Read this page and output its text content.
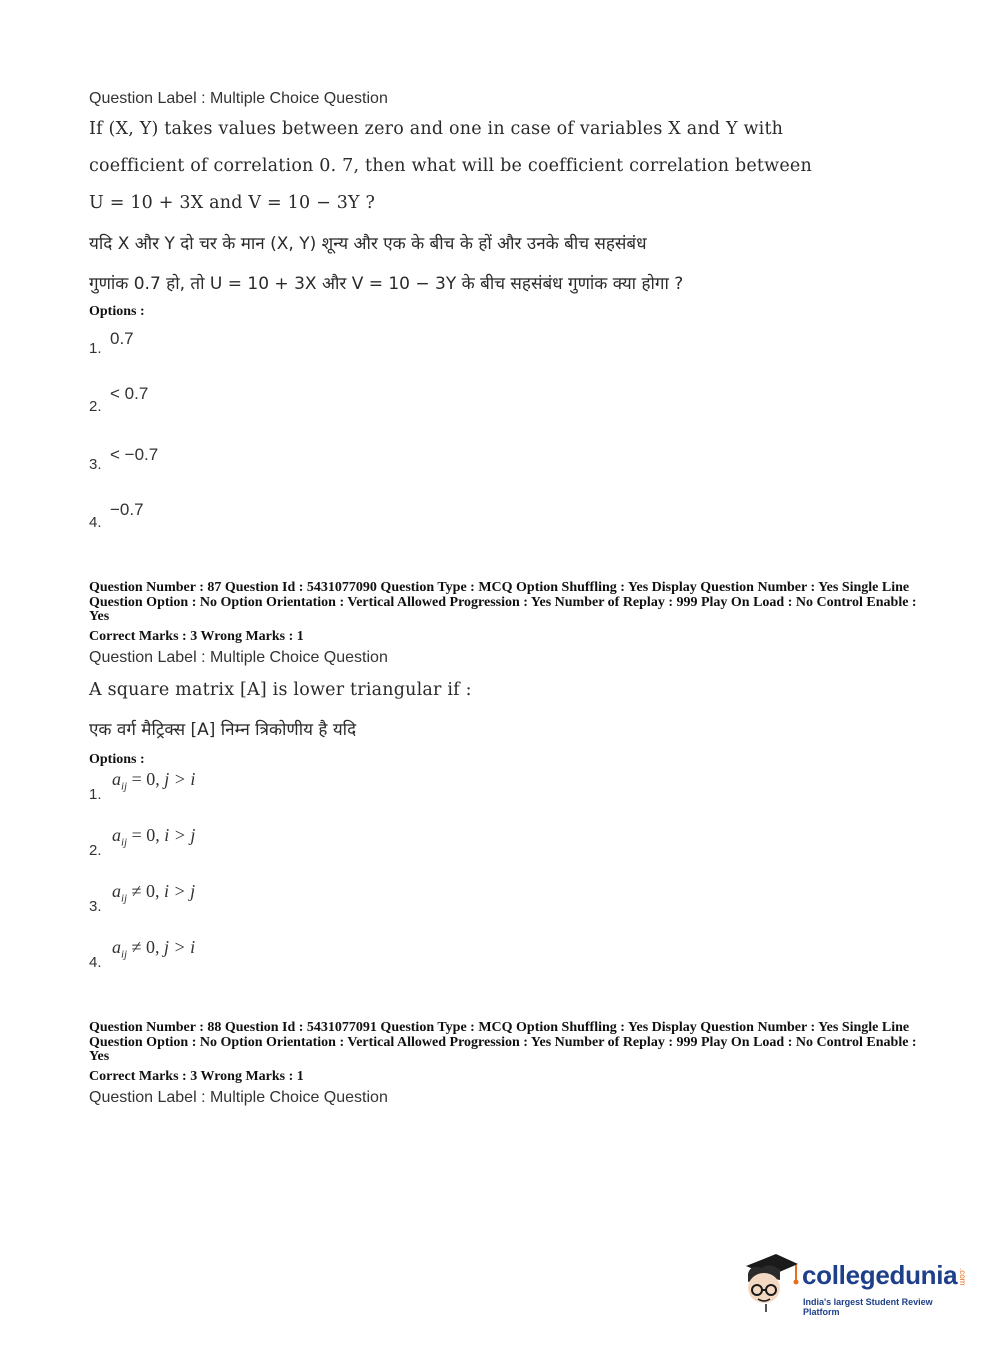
Question Label : Multiple Choice Question
If (X, Y) takes values between zero and one in case of variables X and Y with
coefficient of correlation 0. 7, then what will be coefficient correlation between
U = 10 + 3X and V = 10 − 3Y ?
यदि X और Y दो चर के मान (X, Y) शून्य और एक के बीच के हों और उनके बीच सहसंबंध
गुणांक 0.7 हो, तो U = 10 + 3X और V = 10 − 3Y के बीच सहसंबंध गुणांक क्या होगा ?
Options :
1.
0.7
2.
< 0.7
3.
< −0.7
4.
−0.7
Question Number : 87 Question Id : 5431077090 Question Type : MCQ Option Shuffling : Yes Display Question Number : Yes Single Line Question Option : No Option Orientation : Vertical Allowed Progression : Yes Number of Replay : 999 Play On Load : No Control Enable : Yes
Correct Marks : 3 Wrong Marks : 1
Question Label : Multiple Choice Question
A square matrix [A] is lower triangular if :
एक वर्ग मैट्रिक्स [A] निम्न त्रिकोणीय है यदि
Options :
1.
$a_{ij} = 0$, j > i
2.
$a_{ij} = 0$, i > j
3.
$a_{ij} \ne 0$, i > j
4.
$a_{ij} \ne 0$, j > i
Question Number : 88 Question Id : 5431077091 Question Type : MCQ Option Shuffling : Yes Display Question Number : Yes Single Line Question Option : No Option Orientation : Vertical Allowed Progression : Yes Number of Replay : 999 Play On Load : No Control Enable : Yes
Correct Marks : 3 Wrong Marks : 1
Question Label : Multiple Choice Question
collegedunia .com
India's largest Student Review Platform
